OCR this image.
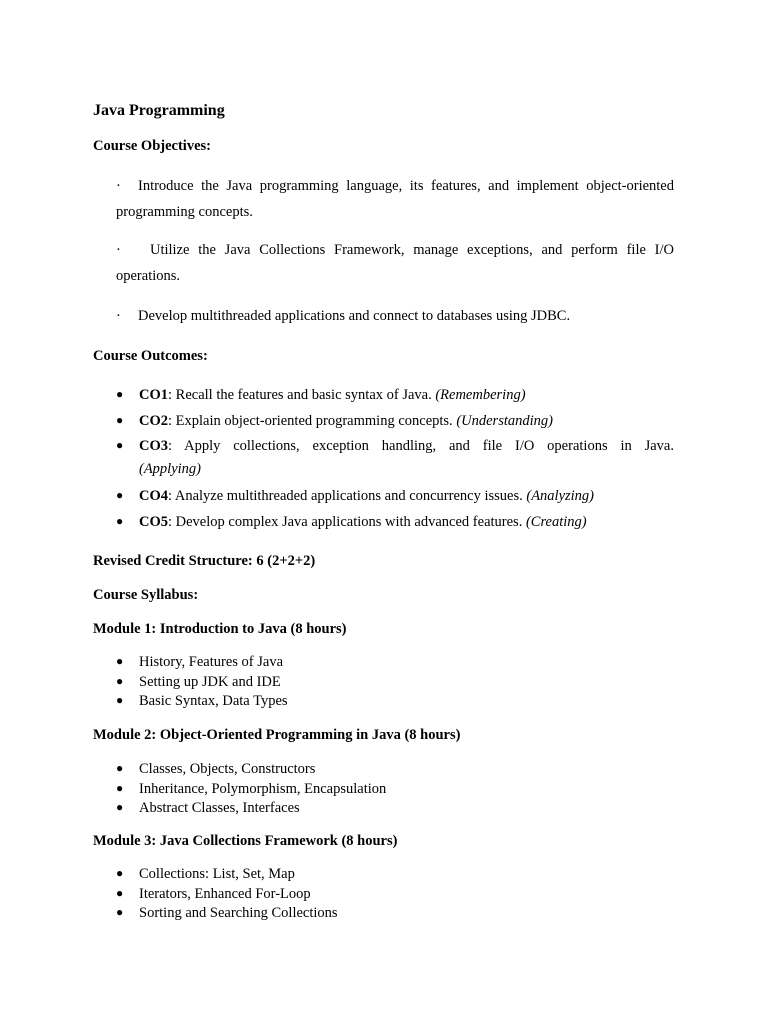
Java Programming
Course Objectives:
·	Introduce the Java programming language, its features, and implement object-oriented
programming concepts.
·	Utilize the Java Collections Framework, manage exceptions, and perform file I/O
operations.
· Develop multithreaded applications and connect to databases using JDBC.
Course Outcomes:
● CO1: Recall the features and basic syntax of Java. (Remembering)
● CO2: Explain object-oriented programming concepts. (Understanding)
●	CO3 : Apply collections, exception handling, and file I/O operations in Java.
(Applying)
● CO4: Analyze multithreaded applications and concurrency issues. (Analyzing)
● CO5: Develop complex Java applications with advanced features. (Creating)
Revised Credit Structure: 6 (2+2+2)
Course Syllabus:
Module 1: Introduction to Java (8 hours)
● History, Features of Java
● Setting up JDK and IDE
● Basic Syntax, Data Types
Module 2: Object-Oriented Programming in Java (8 hours)
● Classes, Objects, Constructors
● Inheritance, Polymorphism, Encapsulation
● Abstract Classes, Interfaces
Module 3: Java Collections Framework (8 hours)
● Collections: List, Set, Map
● Iterators, Enhanced For-Loop
● Sorting and Searching Collections
